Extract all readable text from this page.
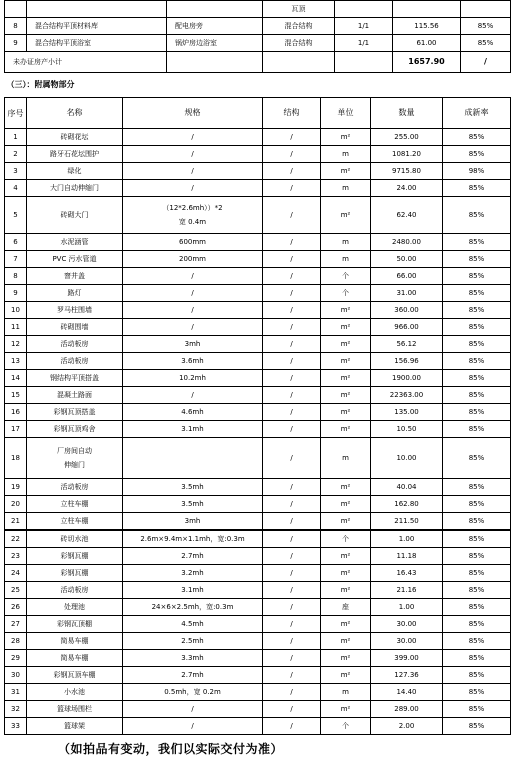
			瓦顶			
8	混合结构平顶材料库	配电房旁	混合结构	1/1	115.56	85%
9	混合结构平顶浴室	锅炉房边浴室	混合结构	1/1	61.00	85%
未办证房产小计					1657.90	/
（三）：附属物部分						
序号	名称	规格	结构	单位	数量	成新率
1	砖砌花坛	/	/	m²	255.00	85%
2	路牙石花坛围护	/	/	m	1081.20	85%
3	绿化	/	/	m²	9715.80	98%
4	大门自动伸缩门	/	/	m	24.00	85%
5	砖砌大门	（12*2.6mh））*2
宽 0.4m	/	m²	62.40	85%
6	水泥涵管	600mm	/	m	2480.00	85%
7	PVC 污水管道	200mm	/	m	50.00	85%
8	窨井盖	/	/	个	66.00	85%
9	路灯	/	/	个	31.00	85%
10	罗马柱围墙	/	/	m²	360.00	85%
11	砖砌围墙	/	/	m²	966.00	85%
12	活动板房	3mh	/	m²	56.12	85%
13	活动板房	3.6mh	/	m²	156.96	85%
14	钢结构平顶搭盖	10.2mh	/	m²	1900.00	85%
15	混凝土路面	/	/	m²	22363.00	85%
16	彩钢瓦顶搭盖	4.6mh	/	m²	135.00	85%
17	彩钢瓦顶鸡舍	3.1mh	/	m²	10.50	85%
18	厂房间自动
伸缩门		/	m	10.00	85%
19	活动板房	3.5mh	/	m²	40.04	85%
20	立柱车棚	3.5mh	/	m²	162.80	85%
21	立柱车棚	3mh	/	m²	211.50	85%
22	砖切水池	2.6m×9.4m×1.1mh，宽:0.3m	/	个	1.00	85%
23	彩钢瓦棚	2.7mh	/	m²	11.18	85%
24	彩钢瓦棚	3.2mh	/	m²	16.43	85%
25	活动板房	3.1mh	/	m²	21.16	85%
26	处理池	24×6×2.5mh，宽:0.3m	/	座	1.00	85%
27	彩钢瓦顶棚	4.5mh	/	m²	30.00	85%
28	简易车棚	2.5mh	/	m²	30.00	85%
29	简易车棚	3.3mh	/	m²	399.00	85%
30	彩钢瓦顶车棚	2.7mh	/	m²	127.36	85%
31	小水池	0.5mh，宽 0.2m	/	m	14.40	85%
32	篮球场围栏	/	/	m²	289.00	85%
33	篮球架	/	/	个	2.00	85%
（如拍品有变动，我们以实际交付为准）
